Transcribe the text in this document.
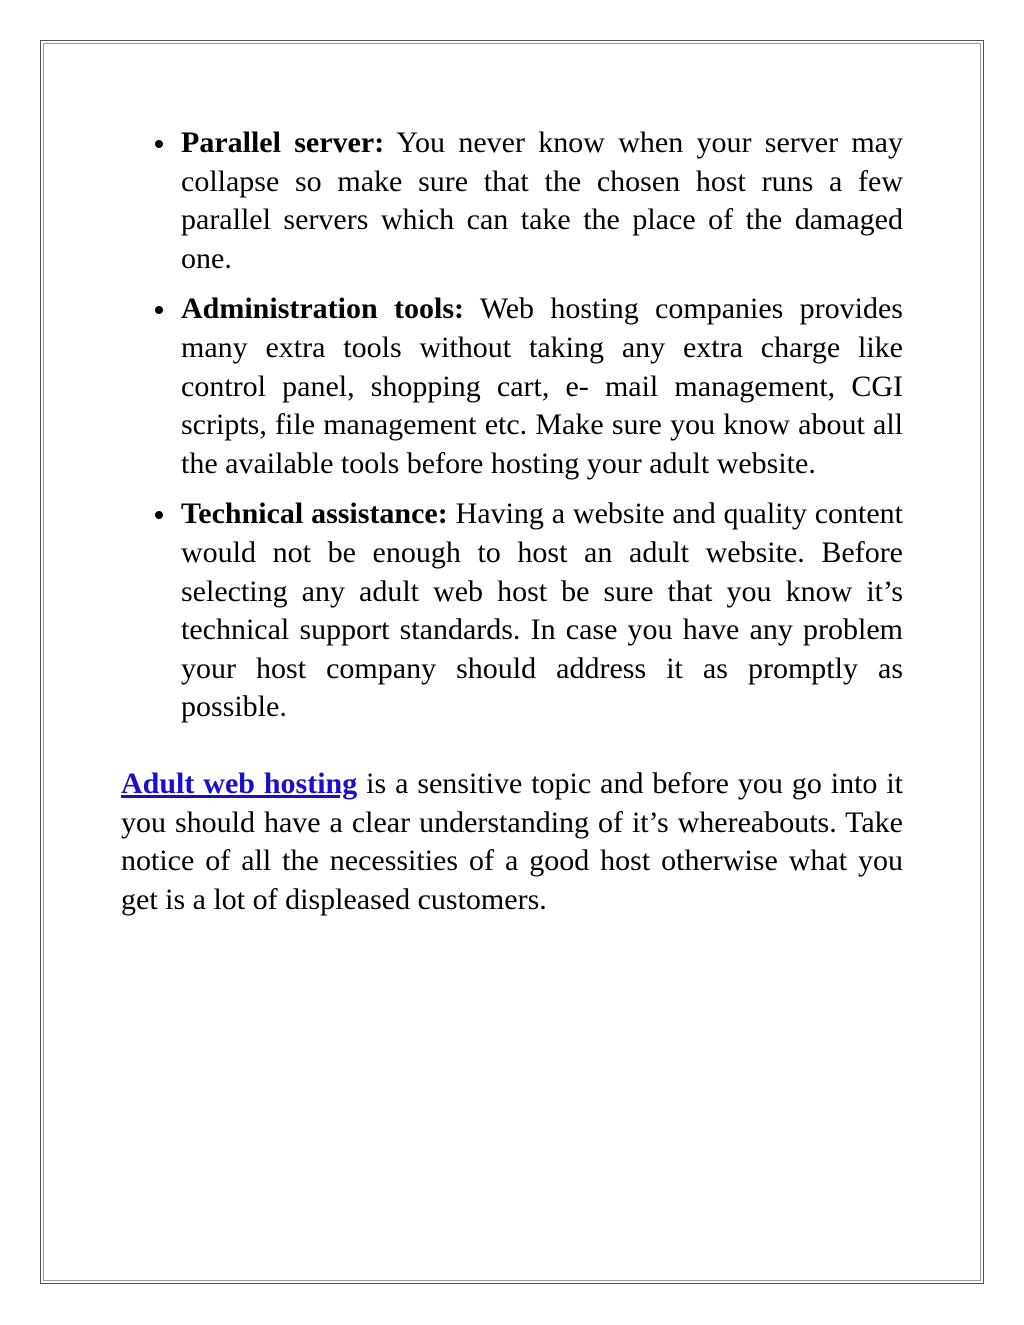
Parallel server: You never know when your server may collapse so make sure that the chosen host runs a few parallel servers which can take the place of the damaged one.
Administration tools: Web hosting companies provides many extra tools without taking any extra charge like control panel, shopping cart, e- mail management, CGI scripts, file management etc. Make sure you know about all the available tools before hosting your adult website.
Technical assistance: Having a website and quality content would not be enough to host an adult website. Before selecting any adult web host be sure that you know it’s technical support standards. In case you have any problem your host company should address it as promptly as possible.

Adult web hosting is a sensitive topic and before you go into it you should have a clear understanding of it’s whereabouts. Take notice of all the necessities of a good host otherwise what you get is a lot of displeased customers.
